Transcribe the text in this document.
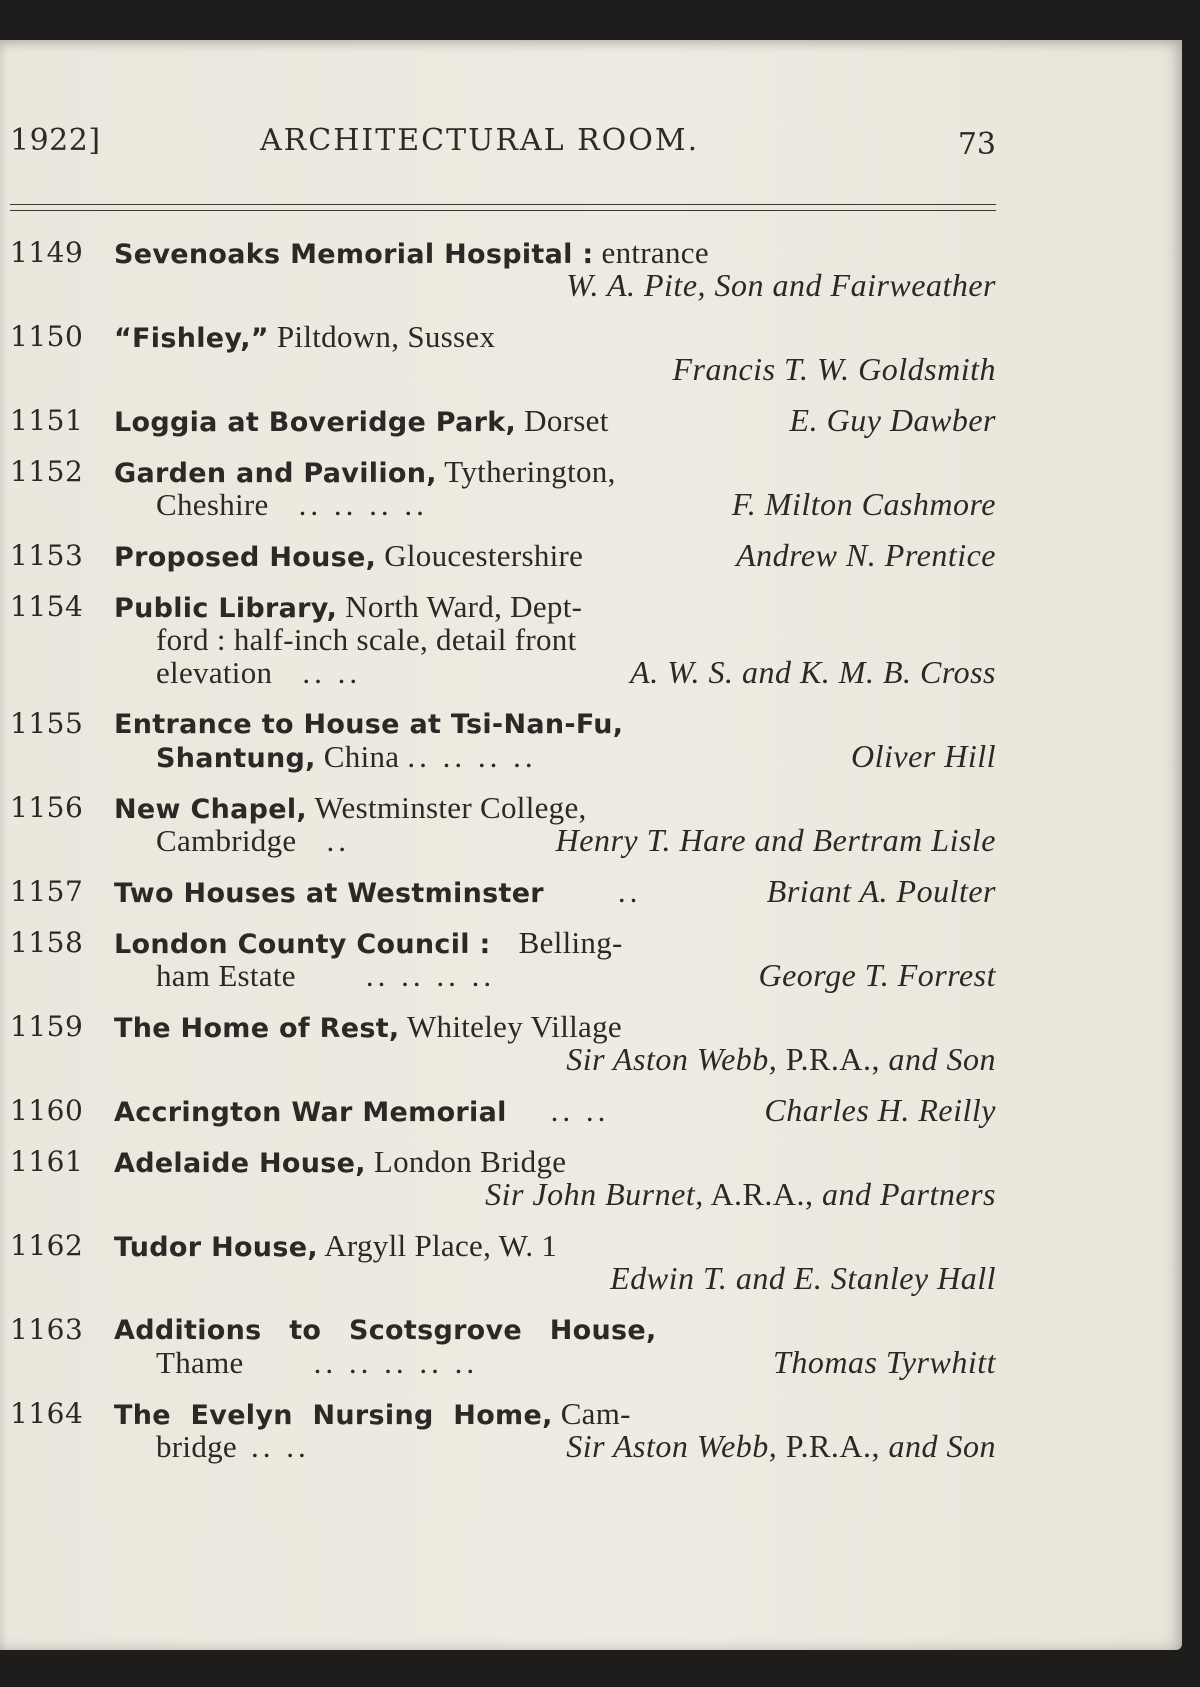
1922]	ARCHITECTURAL ROOM.	73
1149 Sevenoaks Memorial Hospital : entrance
W. A. Pite, Son and Fairweather
1150 “Fishley,” Piltdown, Sussex
Francis T. W. Goldsmith
1151 Loggia at Boveridge Park, Dorset	E. Guy Dawber
1152 Garden and Pavilion, Tytherington,
Cheshire .. .. .. ..	F. Milton Cashmore
1153 Proposed House, Gloucestershire	Andrew N. Prentice
1154 Public Library, North Ward, Dept-
ford : half-inch scale, detail front
elevation .. ..	A. W. S. and K. M. B. Cross
1155 Entrance to House at Tsi-Nan-Fu,
Shantung, China .. .. .. ..	Oliver Hill
1156 New Chapel, Westminster College,
Cambridge ..	Henry T. Hare and Bertram Lisle
1157 Two Houses at Westminster ..	Briant A. Poulter
1158 London County Council : Belling-
ham Estate .. .. .. ..	George T. Forrest
1159 The Home of Rest, Whiteley Village
Sir Aston Webb, P.R.A., and Son
1160 Accrington War Memorial .. ..	Charles H. Reilly
1161 Adelaide House, London Bridge
Sir John Burnet, A.R.A., and Partners
1162 Tudor House, Argyll Place, W. 1
Edwin T. and E. Stanley Hall
1163 Additions to Scotsgrove House,
Thame .. .. .. .. ..	Thomas Tyrwhitt
1164 The Evelyn Nursing Home, Cam-
bridge .. ..	Sir Aston Webb, P.R.A., and Son
